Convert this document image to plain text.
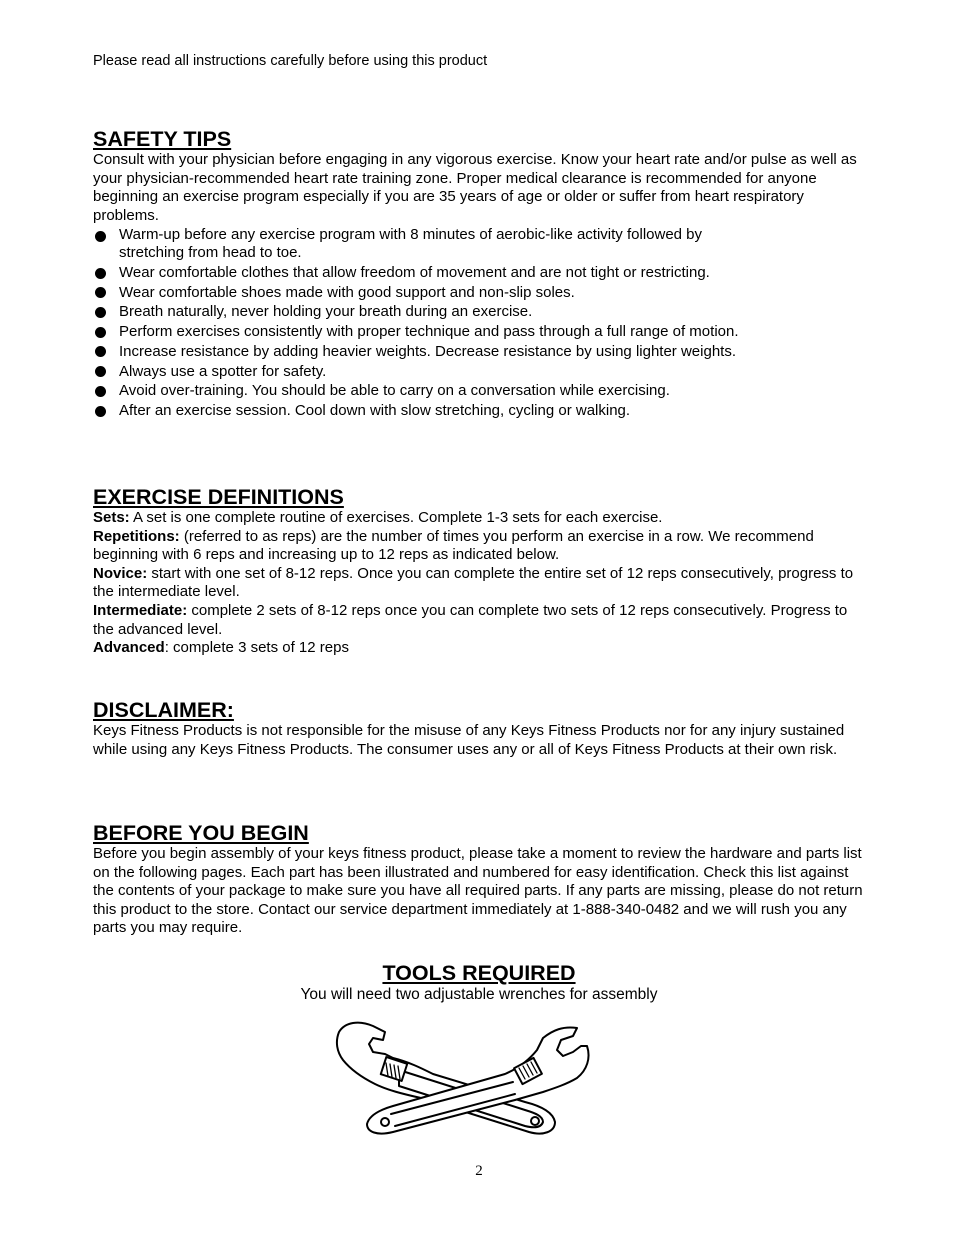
Please read all instructions carefully before using this product
SAFETY TIPS

Consult with your physician before engaging in any vigorous exercise. Know your heart rate and/or pulse as well as your physician-recommended heart rate training zone. Proper medical clearance is recommended for anyone beginning an exercise program especially if you are 35 years of age or older or suffer from heart respiratory problems.

Warm-up before any exercise program with 8 minutes of aerobic-like activity followed by stretching from head to toe.
Wear comfortable clothes that allow freedom of movement and are not tight or restricting.
Wear comfortable shoes made with good support and non-slip soles.
Breath naturally, never holding your breath during an exercise.
Perform exercises consistently with proper technique and pass through a full range of motion.
Increase resistance by adding heavier weights. Decrease resistance by using lighter weights.
Always use a spotter for safety.
Avoid over-training. You should be able to carry on a conversation while exercising.
After an exercise session. Cool down with slow stretching, cycling or walking.
EXERCISE DEFINITIONS

Sets: A set is one complete routine of exercises. Complete 1-3 sets for each exercise.

Repetitions: (referred to as reps) are the number of times you perform an exercise in a row. We recommend beginning with 6 reps and increasing up to 12 reps as indicated below.

Novice: start with one set of 8-12 reps. Once you can complete the entire set of 12 reps consecutively, progress to the intermediate level.

Intermediate: complete 2 sets of 8-12 reps once you can complete two sets of 12 reps consecutively. Progress to the advanced level.

Advanced: complete 3 sets of 12 reps

DISCLAIMER:

Keys Fitness Products is not responsible for the misuse of any Keys Fitness Products nor for any injury sustained while using any Keys Fitness Products. The consumer uses any or all of Keys Fitness Products at their own risk.

BEFORE YOU BEGIN

Before you begin assembly of your keys fitness product, please take a moment to review the hardware and parts list on the following pages. Each part has been illustrated and numbered for easy identification. Check this list against the contents of your package to make sure you have all required parts. If any parts are missing, please do not return this product to the store. Contact our service department immediately at 1-888-340-0482 and we will rush you any parts you may require.

TOOLS REQUIRED

You will need two adjustable wrenches for assembly

2
